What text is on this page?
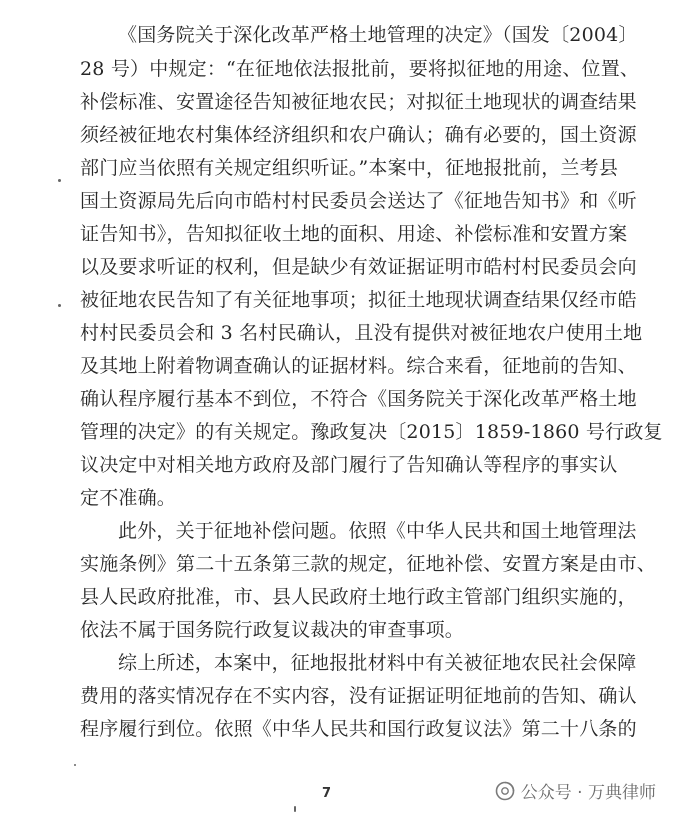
《国务院关于深化改革严格土地管理的决定》（国发〔2004〕
28 号）中规定：“在征地依法报批前，要将拟征地的用途、位置、
补偿标准、安置途径告知被征地农民；对拟征土地现状的调查结果
须经被征地农村集体经济组织和农户确认；确有必要的，国土资源
部门应当依照有关规定组织听证。”本案中，征地报批前，兰考县
国土资源局先后向市皓村村民委员会送达了《征地告知书》和《听
证告知书》，告知拟征收土地的面积、用途、补偿标准和安置方案
以及要求听证的权利，但是缺少有效证据证明市皓村村民委员会向
被征地农民告知了有关征地事项；拟征土地现状调查结果仅经市皓
村村民委员会和 3 名村民确认，且没有提供对被征地农户使用土地
及其地上附着物调查确认的证据材料。综合来看，征地前的告知、
确认程序履行基本不到位，不符合《国务院关于深化改革严格土地
管理的决定》的有关规定。豫政复决〔2015〕1859-1860 号行政复
议决定中对相关地方政府及部门履行了告知确认等程序的事实认
定不准确。
此外，关于征地补偿问题。依照《中华人民共和国土地管理法
实施条例》第二十五条第三款的规定，征地补偿、安置方案是由市、
县人民政府批准，市、县人民政府土地行政主管部门组织实施的，
依法不属于国务院行政复议裁决的审查事项。
综上所述，本案中，征地报批材料中有关被征地农民社会保障
费用的落实情况存在不实内容，没有证据证明征地前的告知、确认
程序履行到位。依照《中华人民共和国行政复议法》第二十八条的
7	公众号 · 万典律师
